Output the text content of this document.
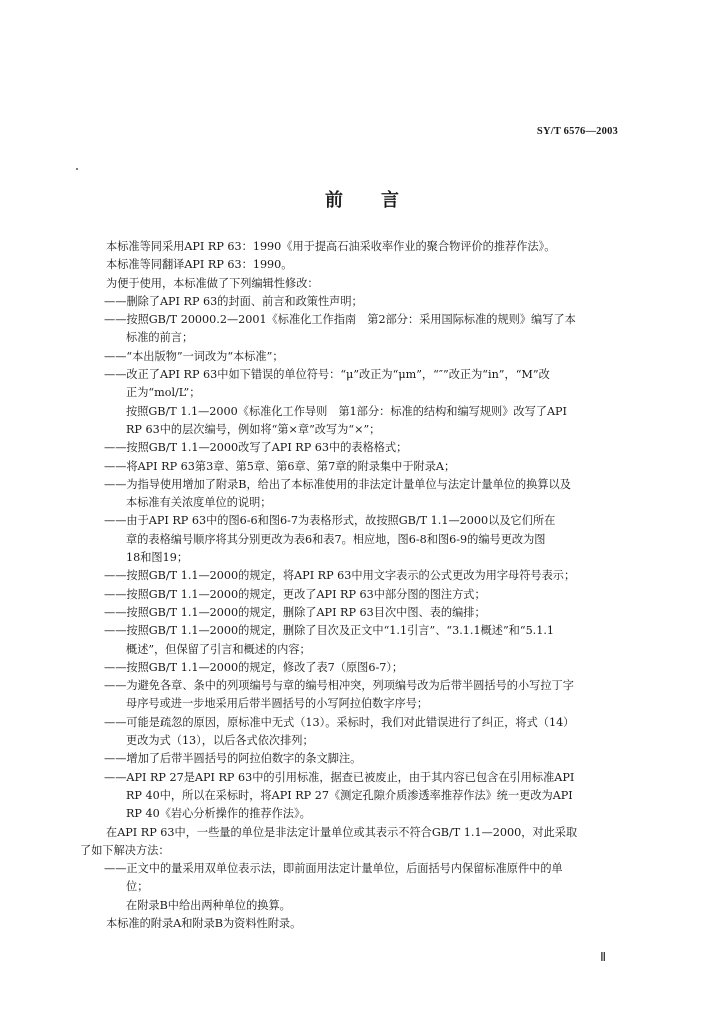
SY/T 6576—2003
前言
本标准等同采用API RP 63：1990《用于提高石油采收率作业的聚合物评价的推荐作法》。
本标准等同翻译API RP 63：1990。
为便于使用，本标准做了下列编辑性修改：
——删除了API RP 63的封面、前言和政策性声明；
——按照GB/T 20000.2—2001《标准化工作指南　第2部分：采用国际标准的规则》编写了本
标准的前言；
——“本出版物”一词改为“本标准”；
——改正了API RP 63中如下错误的单位符号：“μ”改正为“μm”，“″”改正为“in”，“M”改
正为“mol/L”；
按照GB/T 1.1—2000《标准化工作导则　第1部分：标准的结构和编写规则》改写了API
RP 63中的层次编号，例如将“第×章”改写为“×”；
——按照GB/T 1.1—2000改写了API RP 63中的表格格式；
——将API RP 63第3章、第5章、第6章、第7章的附录集中于附录A；
——为指导使用增加了附录B，给出了本标准使用的非法定计量单位与法定计量单位的换算以及
本标准有关浓度单位的说明；
——由于API RP 63中的图6-6和图6-7为表格形式，故按照GB/T 1.1—2000以及它们所在
章的表格编号顺序将其分别更改为表6和表7。相应地，图6-8和图6-9的编号更改为图
18和图19；
——按照GB/T 1.1—2000的规定，将API RP 63中用文字表示的公式更改为用字母符号表示；
——按照GB/T 1.1—2000的规定，更改了API RP 63中部分图的图注方式；
——按照GB/T 1.1—2000的规定，删除了API RP 63目次中图、表的编排；
——按照GB/T 1.1—2000的规定，删除了目次及正文中“1.1引言”、“3.1.1概述”和“5.1.1
概述”，但保留了引言和概述的内容；
——按照GB/T 1.1—2000的规定，修改了表7（原图6-7）；
——为避免各章、条中的列项编号与章的编号相冲突，列项编号改为后带半圆括号的小写拉丁字
母序号或进一步地采用后带半圆括号的小写阿拉伯数字序号；
——可能是疏忽的原因，原标准中无式（13）。采标时，我们对此错误进行了纠正，将式（14）
更改为式（13），以后各式依次排列；
——增加了后带半圆括号的阿拉伯数字的条文脚注。
——API RP 27是API RP 63中的引用标准，据查已被废止，由于其内容已包含在引用标准API
RP 40中，所以在采标时，将API RP 27《测定孔隙介质渗透率推荐作法》统一更改为API
RP 40《岩心分析操作的推荐作法》。
在API RP 63中，一些量的单位是非法定计量单位或其表示不符合GB/T 1.1—2000，对此采取
了如下解决方法：
——正文中的量采用双单位表示法，即前面用法定计量单位，后面括号内保留标准原件中的单
位；
在附录B中给出两种单位的换算。
本标准的附录A和附录B为资料性附录。
Ⅱ
